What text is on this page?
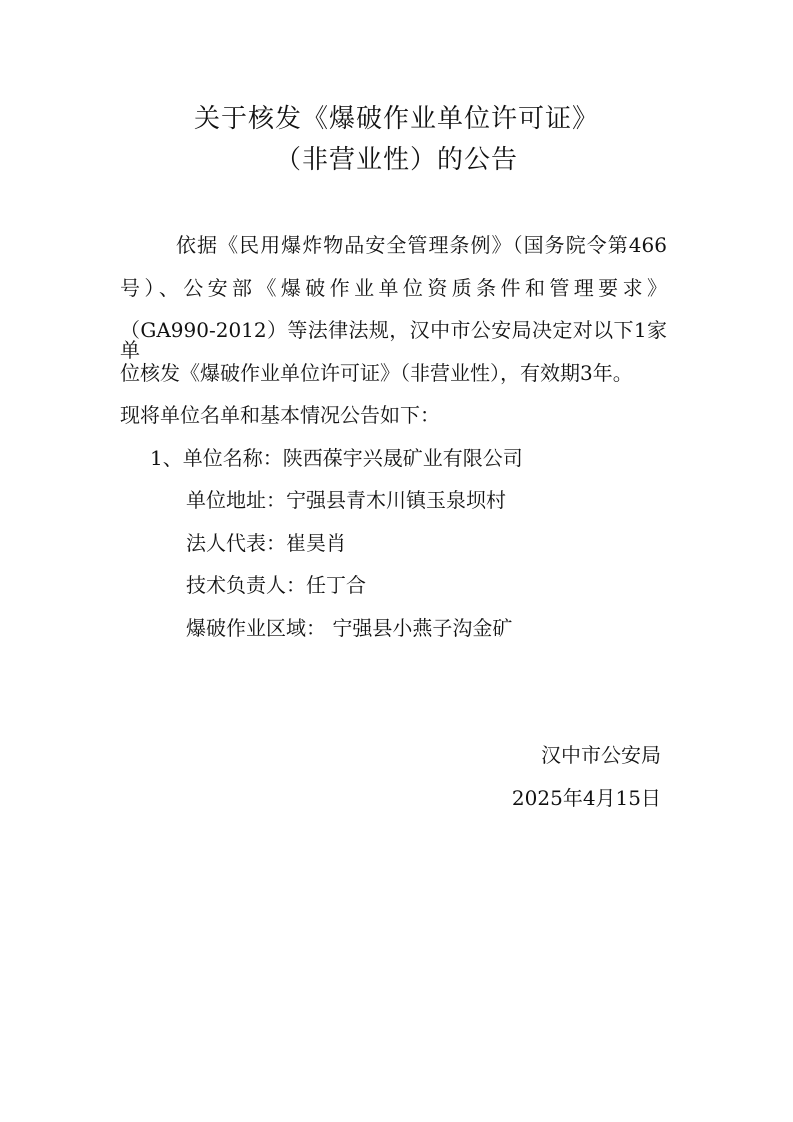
关于核发《爆破作业单位许可证》
（非营业性）的公告
依据《民用爆炸物品安全管理条例》（国务院令第466
号）、公安部《爆破作业单位资质条件和管理要求》
（GA990-2012）等法律法规，汉中市公安局决定对以下1家单
位核发《爆破作业单位许可证》（非营业性），有效期3年。
现将单位名单和基本情况公告如下：
1、单位名称：陕西葆宇兴晟矿业有限公司
单位地址：宁强县青木川镇玉泉坝村
法人代表：崔昊肖
技术负责人：任丁合
爆破作业区域： 宁强县小燕子沟金矿
汉中市公安局
2025年4月15日
